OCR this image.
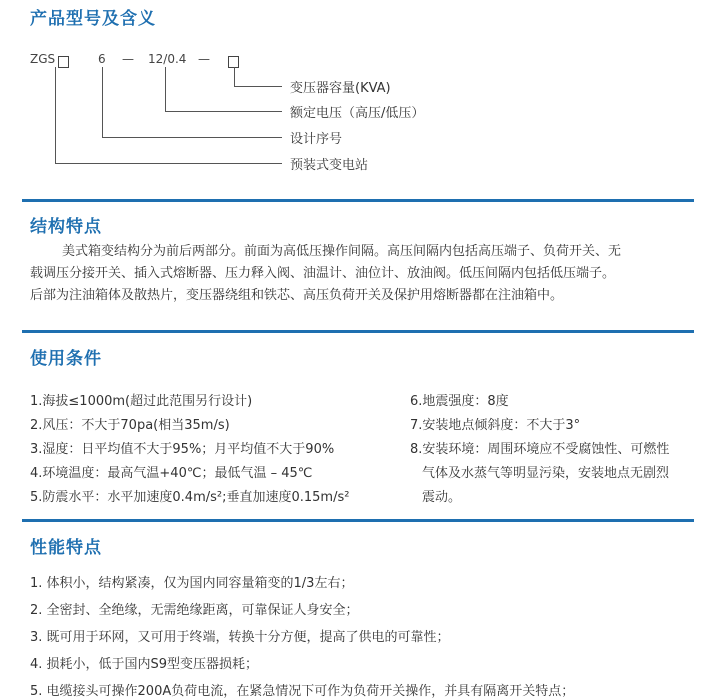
产品型号及含义
ZGS	6 — 12/0.4 —
变压器容量(KVA)
额定电压（高压/低压）
设计序号
预装式变电站
结构特点
美式箱变结构分为前后两部分。前面为高低压操作间隔。高压间隔内包括高压端子、负荷开关、无
载调压分接开关、插入式熔断器、压力释入阀、油温计、油位计、放油阀。低压间隔内包括低压端子。
后部为注油箱体及散热片，变压器绕组和铁芯、高压负荷开关及保护用熔断器都在注油箱中。
使用条件
1.海拔≤1000m(超过此范围另行设计)
2.风压：不大于70pa(相当35m/s)
3.湿度：日平均值不大于95%；月平均值不大于90%
4.环境温度：最高气温+40℃；最低气温 – 45℃
5.防震水平：水平加速度0.4m/s²;垂直加速度0.15m/s²
6.地震强度：8度
7.安装地点倾斜度：不大于3°
8.安装环境：周围环境应不受腐蚀性、可燃性
气体及水蒸气等明显污染，安装地点无剧烈
震动。
性能特点
1. 体积小，结构紧凑，仅为国内同容量箱变的1/3左右；
2. 全密封、全绝缘，无需绝缘距离，可靠保证人身安全；
3. 既可用于环网，又可用于终端，转换十分方便，提高了供电的可靠性；
4. 损耗小，低于国内S9型变压器损耗；
5. 电缆接头可操作200A负荷电流，在紧急情况下可作为负荷开关操作，并具有隔离开关特点；
